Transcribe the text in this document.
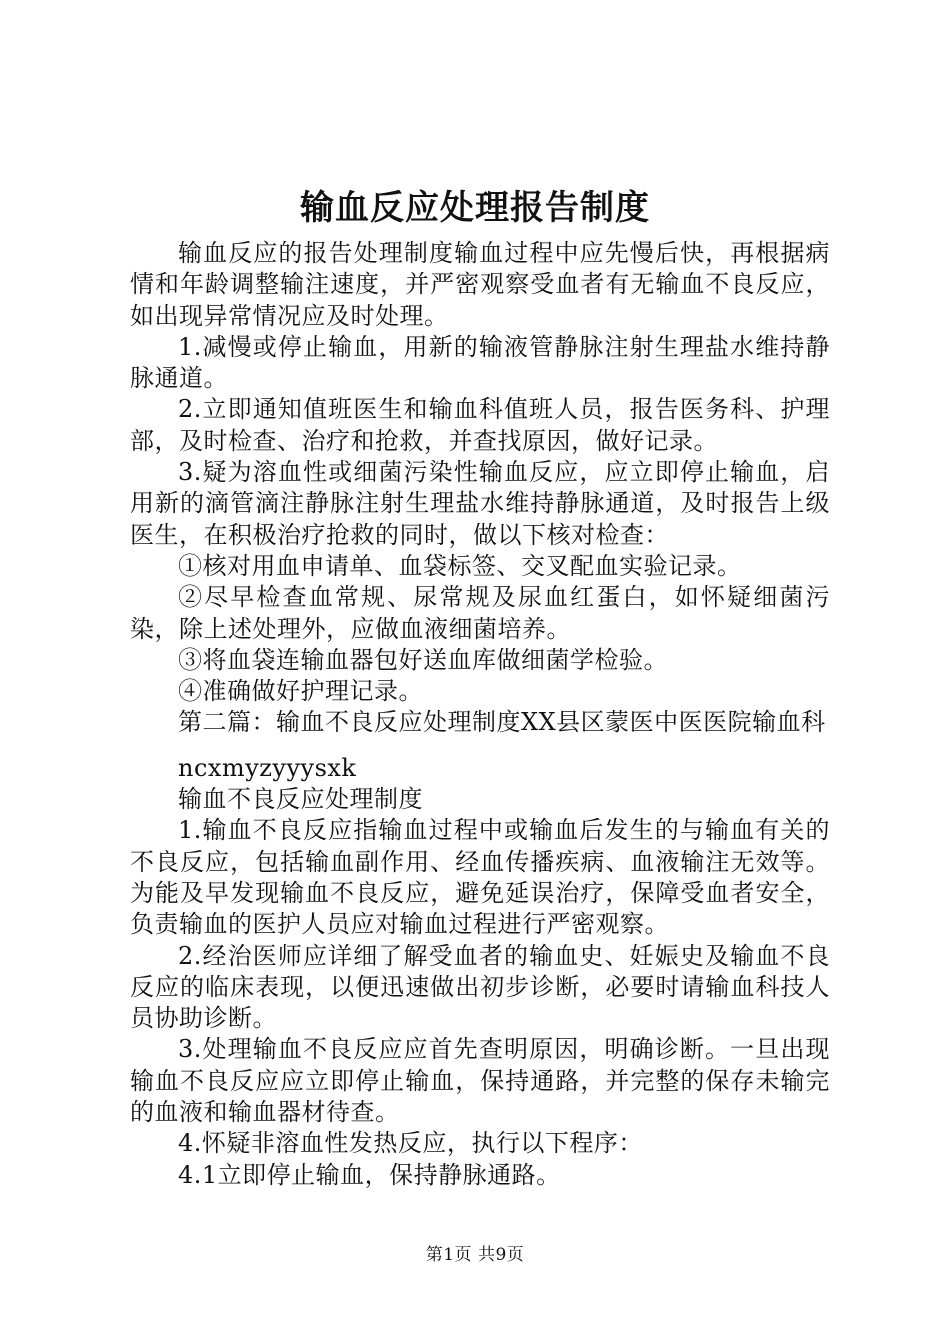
输血反应处理报告制度

输血反应的报告处理制度输血过程中应先慢后快，再根据病情和年龄调整输注速度，并严密观察受血者有无输血不良反应，如出现异常情况应及时处理。

1.减慢或停止输血，用新的输液管静脉注射生理盐水维持静脉通道。

2.立即通知值班医生和输血科值班人员，报告医务科、护理部，及时检查、治疗和抢救，并查找原因，做好记录。

3.疑为溶血性或细菌污染性输血反应，应立即停止输血，启用新的滴管滴注静脉注射生理盐水维持静脉通道，及时报告上级医生，在积极治疗抢救的同时，做以下核对检查：

①核对用血申请单、血袋标签、交叉配血实验记录。

②尽早检查血常规、尿常规及尿血红蛋白，如怀疑细菌污染，除上述处理外，应做血液细菌培养。

③将血袋连输血器包好送血库做细菌学检验。

④准确做好护理记录。

第二篇：输血不良反应处理制度XX县区蒙医中医医院输血科

ncxmyzyyysxk

输血不良反应处理制度

1.输血不良反应指输血过程中或输血后发生的与输血有关的不良反应，包括输血副作用、经血传播疾病、血液输注无效等。为能及早发现输血不良反应，避免延误治疗，保障受血者安全，负责输血的医护人员应对输血过程进行严密观察。

2.经治医师应详细了解受血者的输血史、妊娠史及输血不良反应的临床表现，以便迅速做出初步诊断，必要时请输血科技人员协助诊断。

3.处理输血不良反应应首先查明原因，明确诊断。一旦出现输血不良反应应立即停止输血，保持通路，并完整的保存未输完的血液和输血器材待查。

4.怀疑非溶血性发热反应，执行以下程序：

4.1立即停止输血，保持静脉通路。

第1页 共9页
